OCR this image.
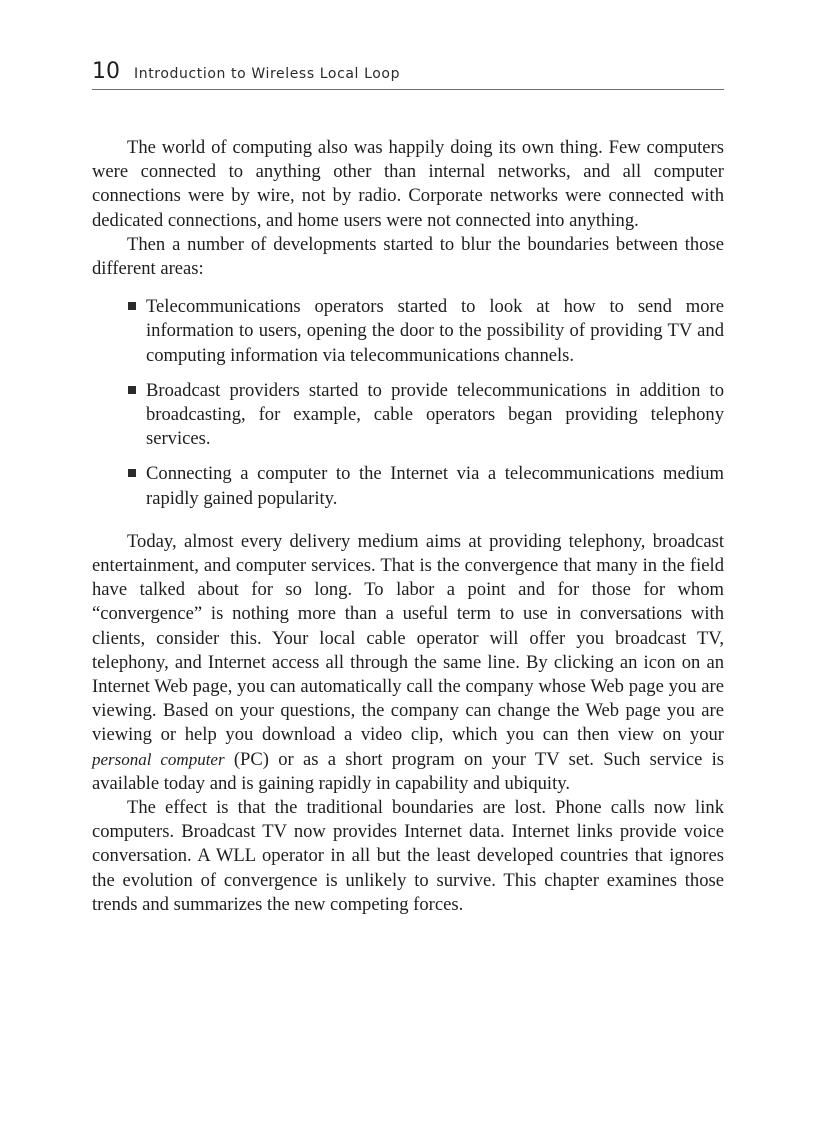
10 Introduction to Wireless Local Loop

The world of computing also was happily doing its own thing. Few computers were connected to anything other than internal networks, and all computer connections were by wire, not by radio. Corporate networks were connected with dedicated connections, and home users were not connected into anything.

Then a number of developments started to blur the boundaries between those different areas:

Telecommunications operators started to look at how to send more information to users, opening the door to the possibility of providing TV and computing information via telecommunications channels.
Broadcast providers started to provide telecommunications in addition to broadcasting, for example, cable operators began providing telephony services.
Connecting a computer to the Internet via a telecommunications medium rapidly gained popularity.

Today, almost every delivery medium aims at providing telephony, broadcast entertainment, and computer services. That is the convergence that many in the field have talked about for so long. To labor a point and for those for whom “convergence” is nothing more than a useful term to use in conversations with clients, consider this. Your local cable operator will offer you broadcast TV, telephony, and Internet access all through the same line. By clicking an icon on an Internet Web page, you can automatically call the company whose Web page you are viewing. Based on your questions, the company can change the Web page you are viewing or help you download a video clip, which you can then view on your personal computer (PC) or as a short program on your TV set. Such service is available today and is gaining rapidly in capability and ubiquity.

The effect is that the traditional boundaries are lost. Phone calls now link computers. Broadcast TV now provides Internet data. Internet links provide voice conversation. A WLL operator in all but the least developed countries that ignores the evolution of convergence is unlikely to survive. This chapter examines those trends and summarizes the new competing forces.
